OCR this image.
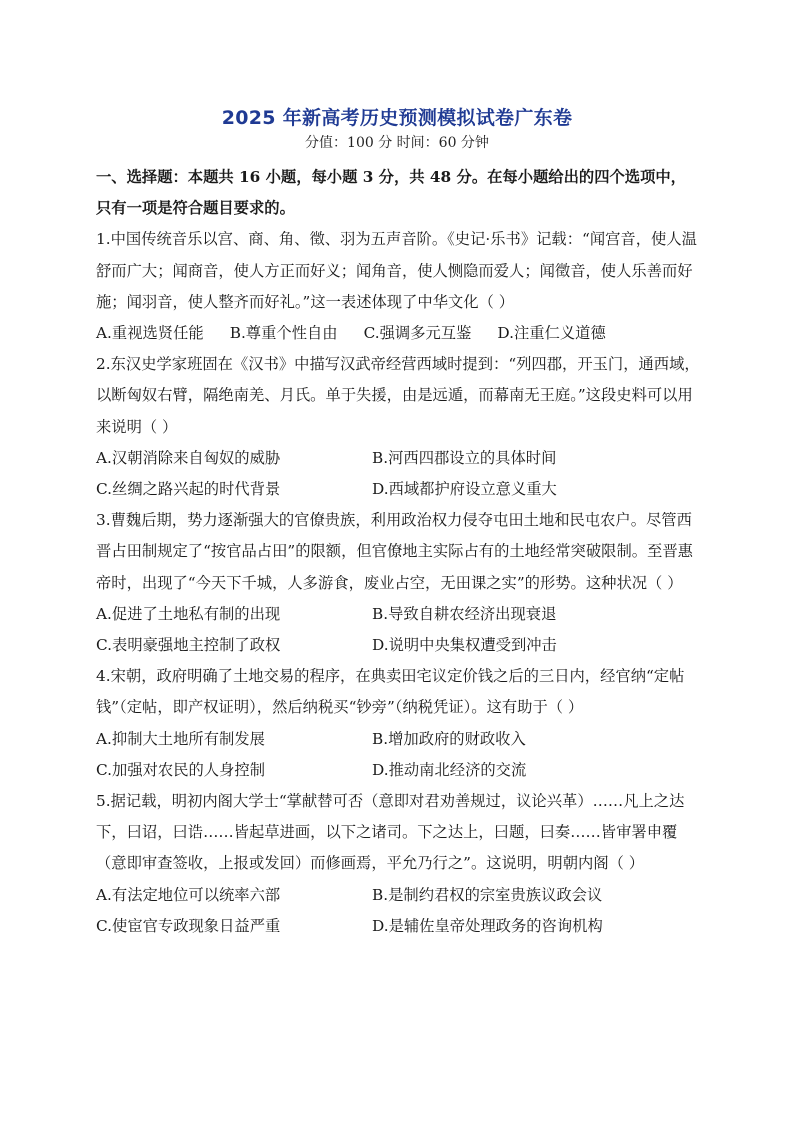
2025 年新高考历史预测模拟试卷广东卷
分值：100 分 时间：60 分钟

一、选择题：本题共 16 小题，每小题 3 分，共 48 分。在每小题给出的四个选项中，只有一项是符合题目要求的。

1.中国传统音乐以宫、商、角、徵、羽为五声音阶。《史记·乐书》记载：“闻宫音，使人温舒而广大；闻商音，使人方正而好义；闻角音，使人恻隐而爱人；闻徵音，使人乐善而好施；闻羽音，使人整齐而好礼。”这一表述体现了中华文化（ ）

A.重视选贤任能 B.尊重个性自由 C.强调多元互鉴 D.注重仁义道德

2.东汉史学家班固在《汉书》中描写汉武帝经营西域时提到：“列四郡，开玉门，通西域，以断匈奴右臂，隔绝南羌、月氏。单于失援，由是远遁，而幕南无王庭。”这段史料可以用来说明（ ）

A.汉朝消除来自匈奴的威胁	B.河西四郡设立的具体时间
C.丝绸之路兴起的时代背景	D.西域都护府设立意义重大

3.曹魏后期，势力逐渐强大的官僚贵族，利用政治权力侵夺屯田土地和民屯农户。尽管西晋占田制规定了“按官品占田”的限额，但官僚地主实际占有的土地经常突破限制。至晋惠帝时，出现了“今天下千城，人多游食，废业占空，无田课之实”的形势。这种状况（ ）

A.促进了土地私有制的出现	B.导致自耕农经济出现衰退
C.表明豪强地主控制了政权	D.说明中央集权遭受到冲击

4.宋朝，政府明确了土地交易的程序，在典卖田宅议定价钱之后的三日内，经官纳“定帖钱”（定帖，即产权证明），然后纳税买“钞旁”（纳税凭证）。这有助于（ ）

A.抑制大土地所有制发展	B.增加政府的财政收入
C.加强对农民的人身控制	D.推动南北经济的交流

5.据记载，明初内阁大学士“掌献替可否（意即对君劝善规过，议论兴革）……凡上之达下，曰诏，曰诰……皆起草进画，以下之诸司。下之达上，曰题，曰奏……皆审署申覆（意即审查签收，上报或发回）而修画焉，平允乃行之”。这说明，明朝内阁（ ）

A.有法定地位可以统率六部	B.是制约君权的宗室贵族议政会议
C.使宦官专政现象日益严重	D.是辅佐皇帝处理政务的咨询机构
